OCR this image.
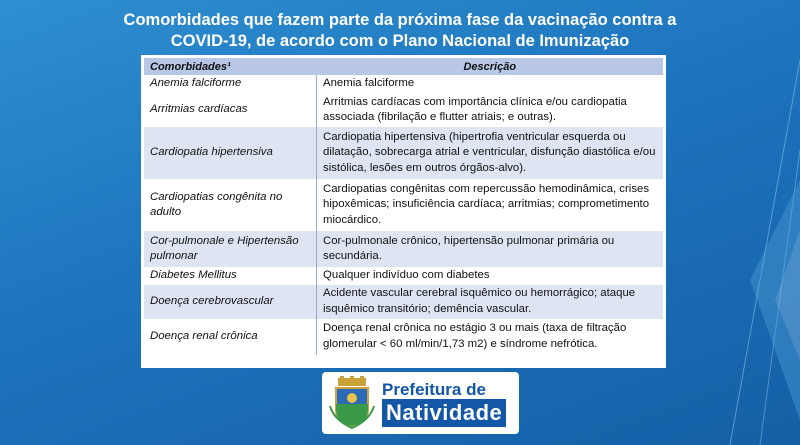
Comorbidades que fazem parte da próxima fase da vacinação contra a
COVID-19, de acordo com o Plano Nacional de Imunização
Comorbidades¹	Descrição
Anemia falciforme	Anemia falciforme
Arritmias cardíacas	Arritmias cardíacas com importância clínica e/ou cardiopatia associada (fibrilação e flutter atriais; e outras).
Cardiopatia hipertensiva	Cardiopatia hipertensiva (hipertrofia ventricular esquerda ou dilatação, sobrecarga atrial e ventricular, disfunção diastólica e/ou sistólica, lesões em outros órgãos-alvo).
Cardiopatias congênita no adulto	Cardiopatias congênitas com repercussão hemodinâmica, crises hipoxêmicas; insuficiência cardíaca; arritmias; comprometimento miocárdico.
Cor-pulmonale e Hipertensão pulmonar	Cor-pulmonale crônico, hipertensão pulmonar primária ou secundária.
Diabetes Mellitus	Qualquer indivíduo com diabetes
Doença cerebrovascular	Acidente vascular cerebral isquêmico ou hemorrágico; ataque isquêmico transitório; demência vascular.
Doença renal crônica	Doença renal crônica no estágio 3 ou mais (taxa de filtração glomerular < 60 ml/min/1,73 m2) e síndrome nefrótica.
Prefeitura de
Natividade
